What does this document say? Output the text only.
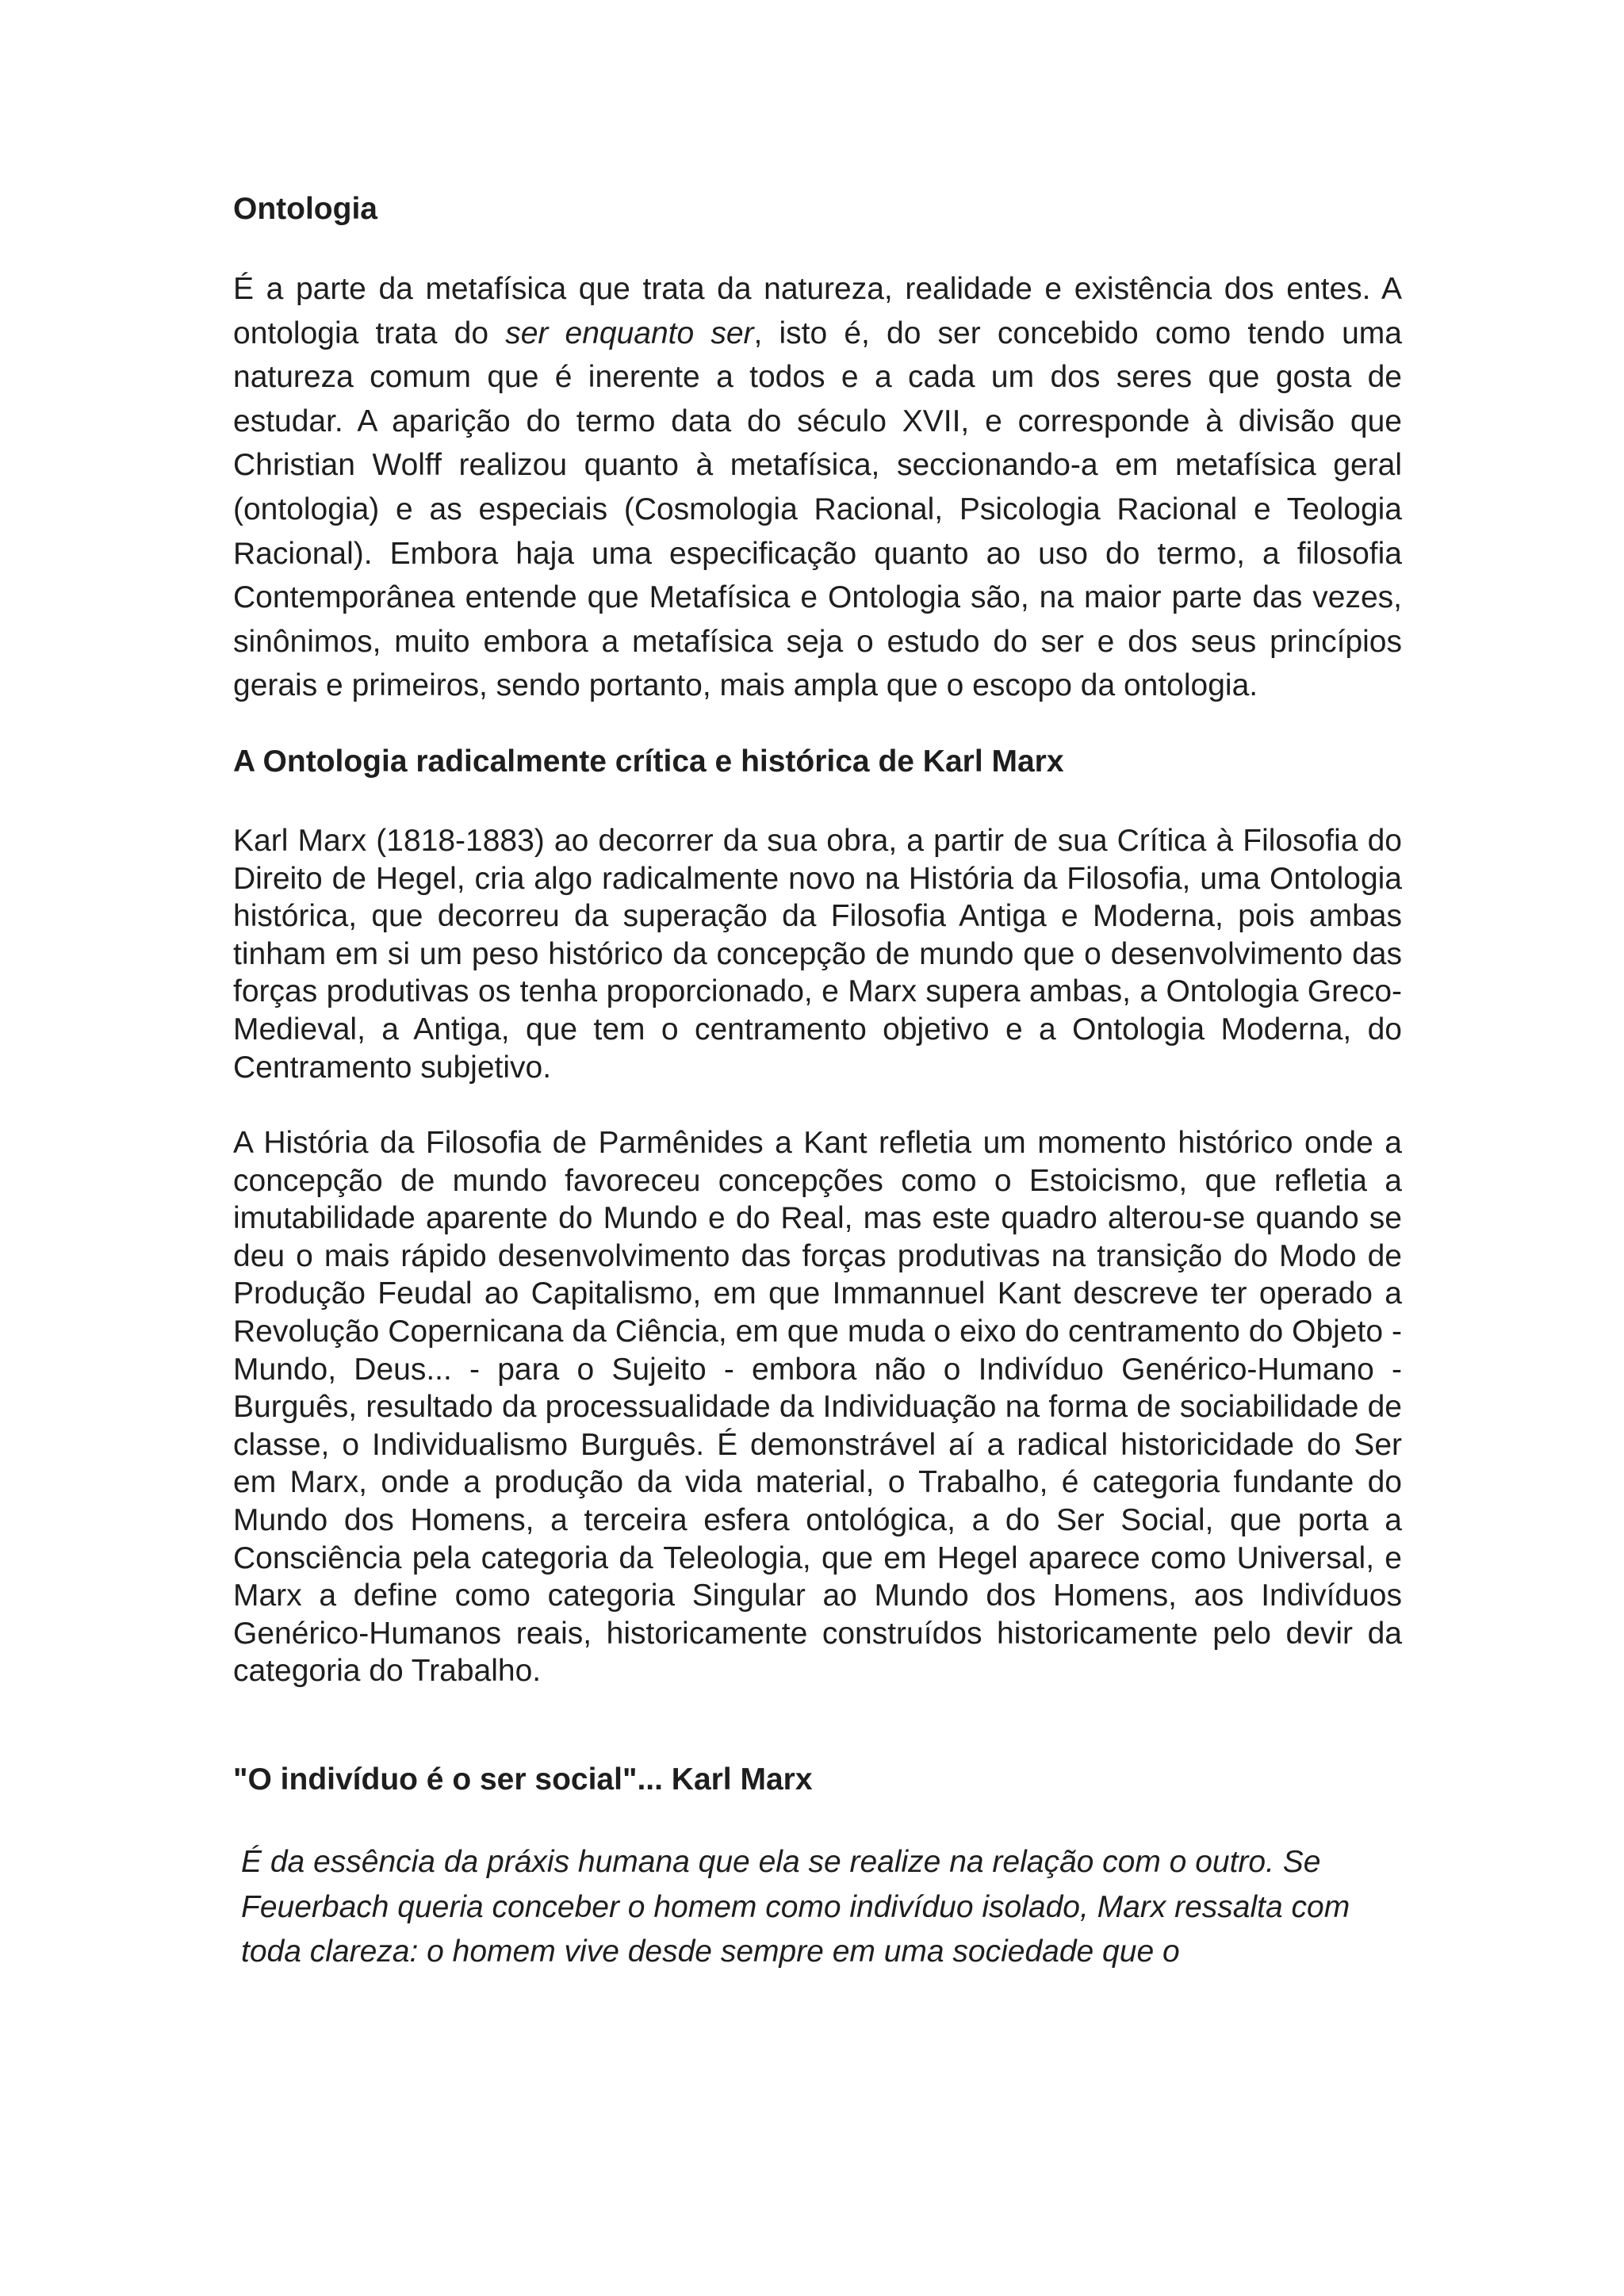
Ontologia

É a parte da metafísica que trata da natureza, realidade e existência dos entes. A ontologia trata do ser enquanto ser, isto é, do ser concebido como tendo uma natureza comum que é inerente a todos e a cada um dos seres que gosta de estudar. A aparição do termo data do século XVII, e corresponde à divisão que Christian Wolff realizou quanto à metafísica, seccionando-a em metafísica geral (ontologia) e as especiais (Cosmologia Racional, Psicologia Racional e Teologia Racional). Embora haja uma especificação quanto ao uso do termo, a filosofia Contemporânea entende que Metafísica e Ontologia são, na maior parte das vezes, sinônimos, muito embora a metafísica seja o estudo do ser e dos seus princípios gerais e primeiros, sendo portanto, mais ampla que o escopo da ontologia.

A Ontologia radicalmente crítica e histórica de Karl Marx

Karl Marx (1818-1883) ao decorrer da sua obra, a partir de sua Crítica à Filosofia do Direito de Hegel, cria algo radicalmente novo na História da Filosofia, uma Ontologia histórica, que decorreu da superação da Filosofia Antiga e Moderna, pois ambas tinham em si um peso histórico da concepção de mundo que o desenvolvimento das forças produtivas os tenha proporcionado, e Marx supera ambas, a Ontologia Greco-Medieval, a Antiga, que tem o centramento objetivo e a Ontologia Moderna, do Centramento subjetivo.

A História da Filosofia de Parmênides a Kant refletia um momento histórico onde a concepção de mundo favoreceu concepções como o Estoicismo, que refletia a imutabilidade aparente do Mundo e do Real, mas este quadro alterou-se quando se deu o mais rápido desenvolvimento das forças produtivas na transição do Modo de Produção Feudal ao Capitalismo, em que Immannuel Kant descreve ter operado a Revolução Copernicana da Ciência, em que muda o eixo do centramento do Objeto - Mundo, Deus... - para o Sujeito - embora não o Indivíduo Genérico-Humano - Burguês, resultado da processualidade da Individuação na forma de sociabilidade de classe, o Individualismo Burguês. É demonstrável aí a radical historicidade do Ser em Marx, onde a produção da vida material, o Trabalho, é categoria fundante do Mundo dos Homens, a terceira esfera ontológica, a do Ser Social, que porta a Consciência pela categoria da Teleologia, que em Hegel aparece como Universal, e Marx a define como categoria Singular ao Mundo dos Homens, aos Indivíduos Genérico-Humanos reais, historicamente construídos historicamente pelo devir da categoria do Trabalho.

"O indivíduo é o ser social"... Karl Marx

É da essência da práxis humana que ela se realize na relação com o outro. Se Feuerbach queria conceber o homem como indivíduo isolado, Marx ressalta com toda clareza: o homem vive desde sempre em uma sociedade que o
